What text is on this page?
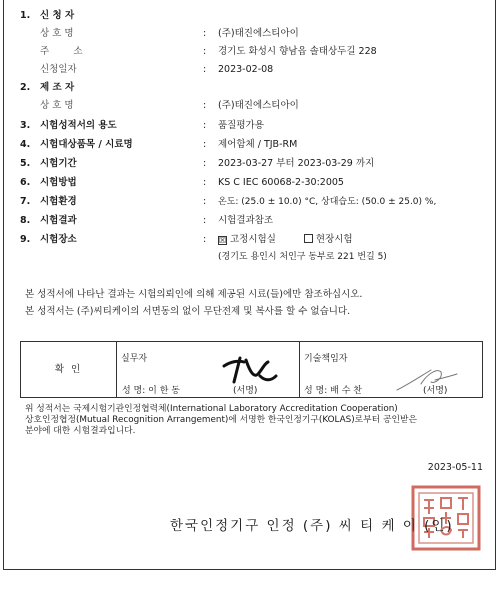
1. 신 청 자
상 호 명	: (주)태진에스티아이
주        소	: 경기도 화성시 향남읍 솔태상두길 228
신청일자	: 2023-02-08
2. 제 조 자
상 호 명	: (주)태진에스티아이
3. 시험성적서의 용도	: 품질평가용
4. 시험대상품목 / 시료명	: 제어함체 / TJB-RM
5. 시험기간	: 2023-03-27 부터 2023-03-29 까지
6. 시험방법	: KS C IEC 60068-2-30:2005
7. 시험환경	: 온도: (25.0 ± 10.0) °C, 상대습도: (50.0 ± 25.0) %,
8. 시험결과	: 시험결과참조
9. 시험장소	: ☒ 고정시험실	현장시험
(경기도 용인시 처인구 동부로 221 번길 5)
본 성적서에 나타난 결과는 시험의뢰인에 의해 제공된 시료(들)에만 참조하십시오.
본 성적서는 (주)씨티케이의 서면동의 없이 무단전제 및 복사를 할 수 없습니다.
확 인
실무자
성 명: 이 한 동	(서명)
기술책임자
성 명: 배 수 찬	(서명)
위 성적서는 국제시험기관인정협력체(International Laboratory Accreditation Cooperation)
상호인정협정(Mutual Recognition Arrangement)에 서명한 한국인정기구(KOLAS)로부터 공인받은
분야에 대한 시험결과입니다.
2023-05-11
한국인정기구 인정 (주) 씨 티 케 이 (인)
